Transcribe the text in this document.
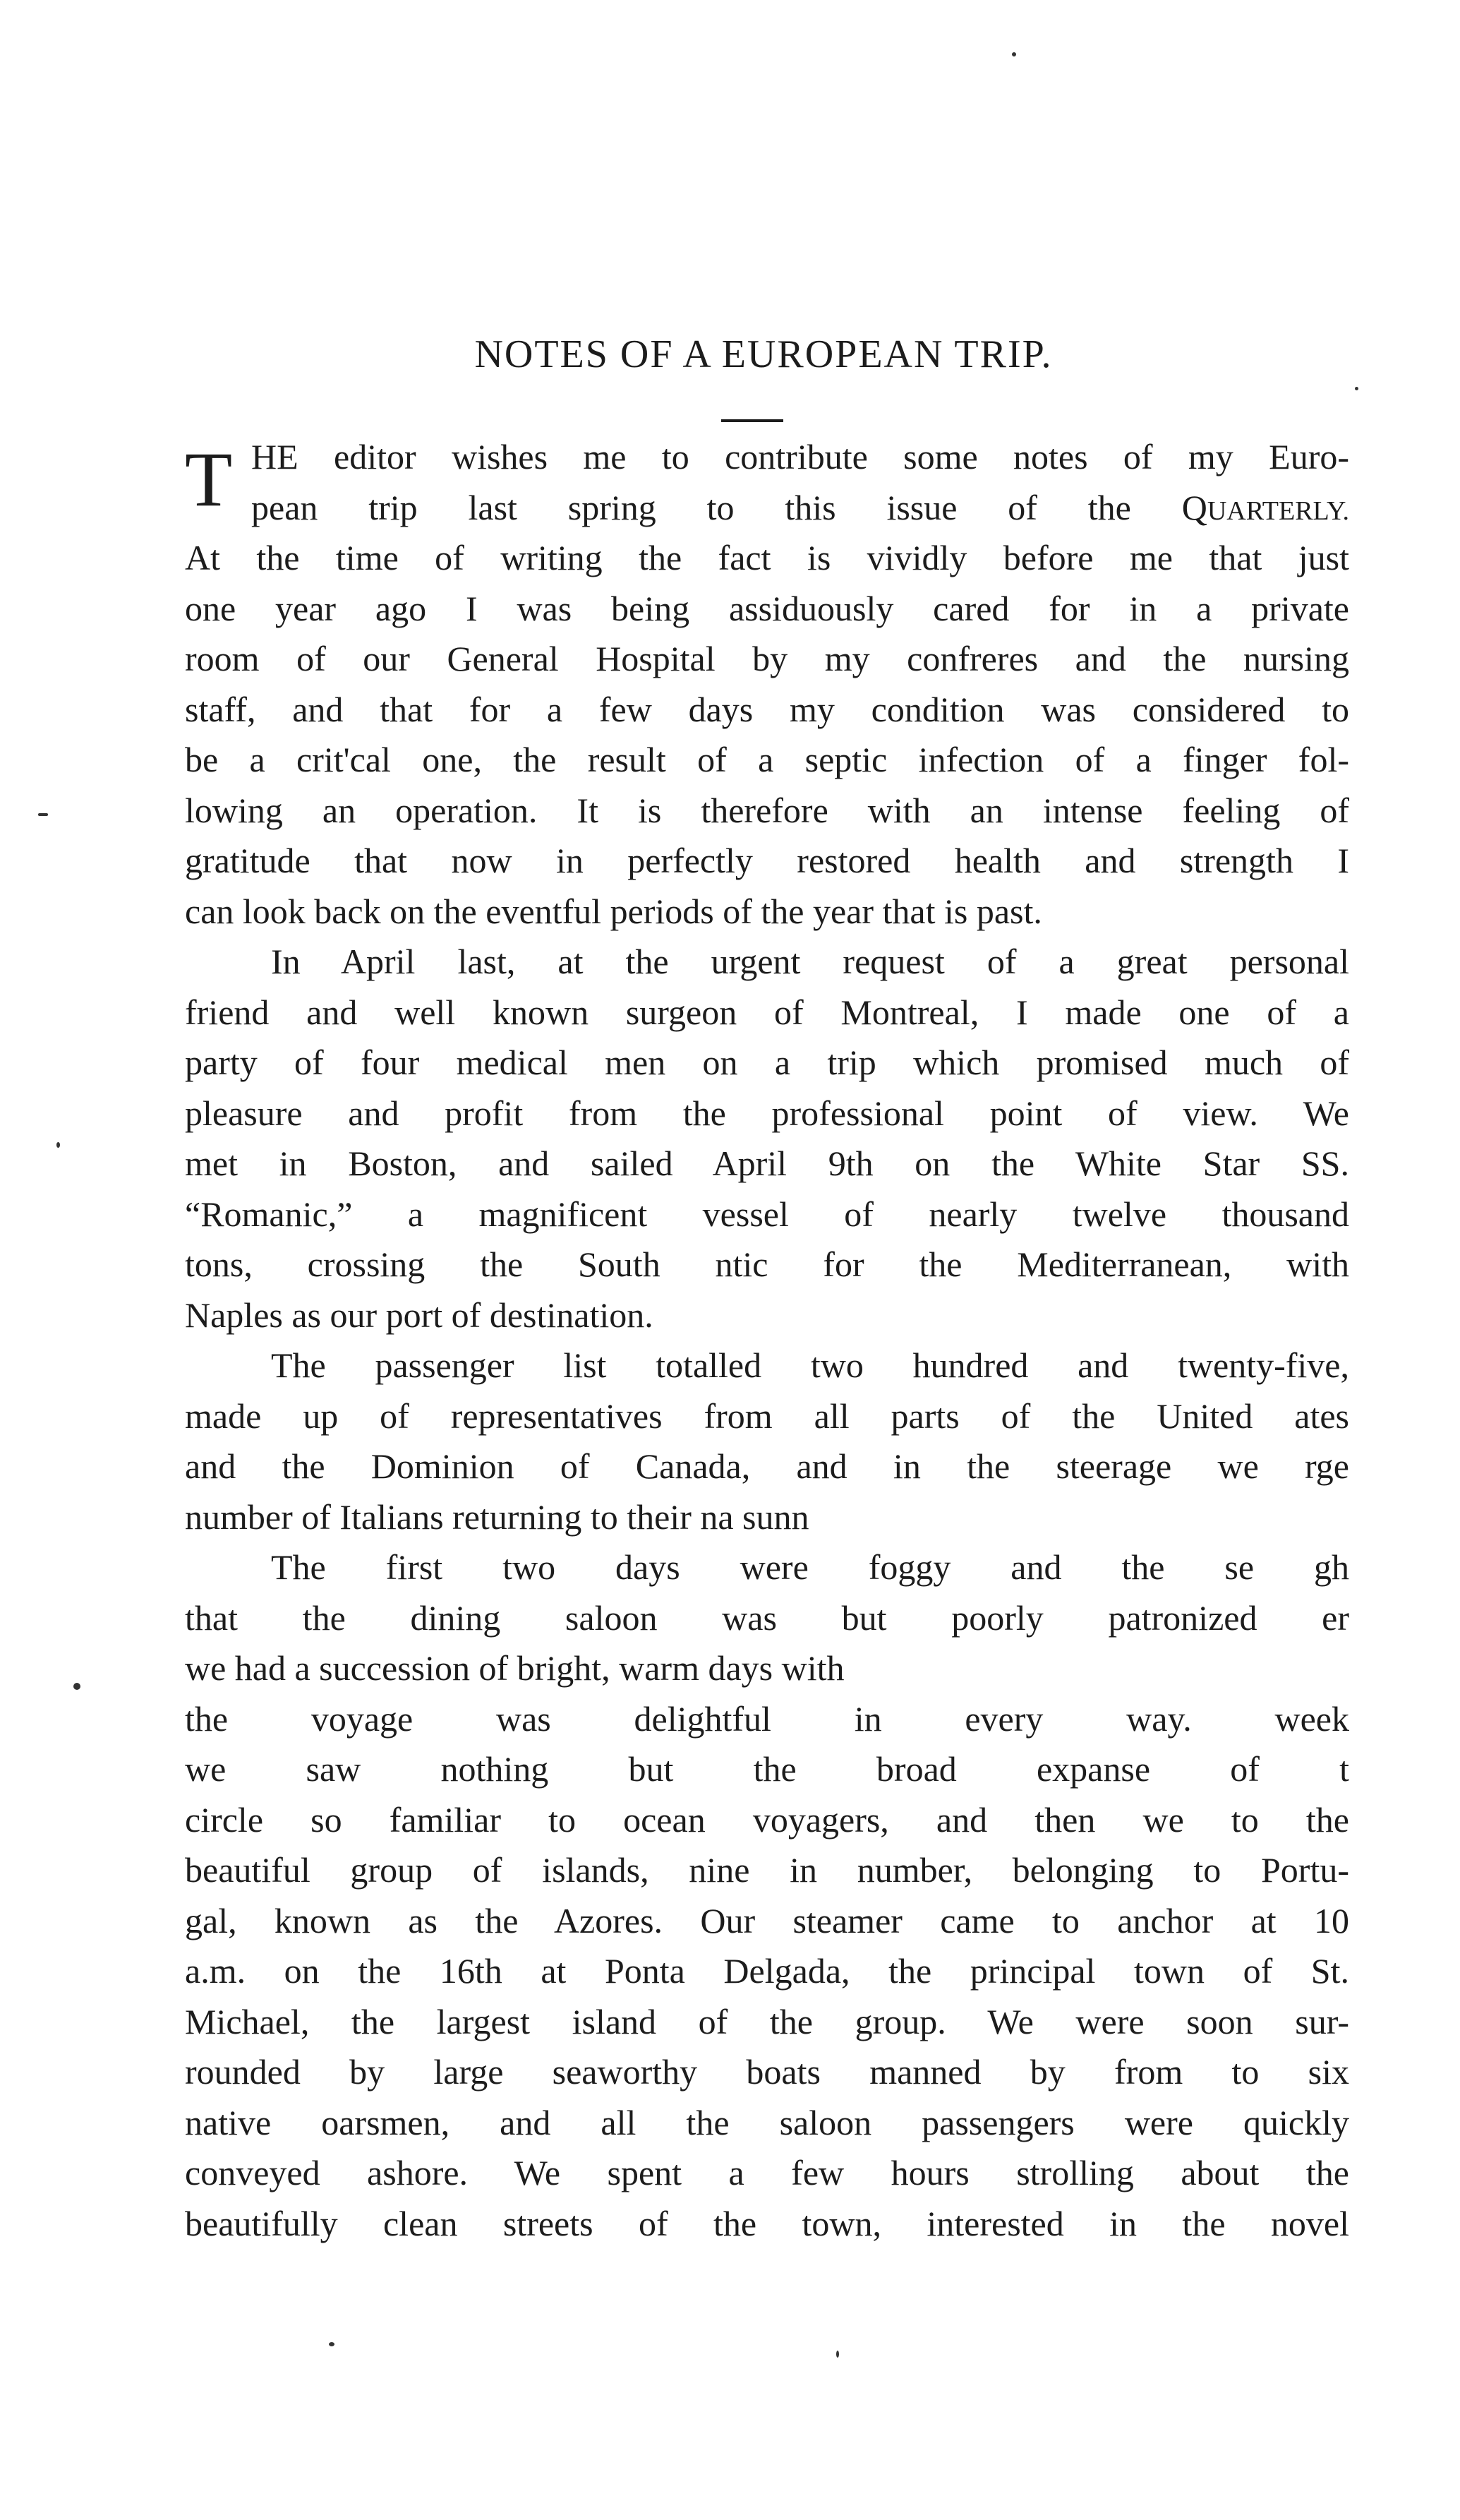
NOTES OF A EUROPEAN TRIP.
T HE editor wishes me to contribute some notes of my Euro-
pean trip last spring to this issue of the QUARTERLY.
At the time of writing the fact is vividly before me that just
one year ago I was being assiduously cared for in a private
room of our General Hospital by my confreres and the nursing
staff, and that for a few days my condition was considered to
be a crit'cal one, the result of a septic infection of a finger fol-
lowing an operation. It is therefore with an intense feeling of
gratitude that now in perfectly restored health and strength I
can look back on the eventful periods of the year that is past.
In April last, at the urgent request of a great personal
friend and well known surgeon of Montreal, I made one of a
party of four medical men on a trip which promised much of
pleasure and profit from the professional point of view. We
met in Boston, and sailed April 9th on the White Star SS.
“Romanic,” a magnificent vessel of nearly twelve thousand
tons, crossing the South ntic for the Mediterranean, with
Naples as our port of destination.
The passenger list totalled two hundred and twenty-five,
made up of representatives from all parts of the United ates
and the Dominion of Canada, and in the steerage we rge
number of Italians returning to their na sunn
The first two days were foggy and the se gh
that the dining saloon was but poorly patronized er
we had a succession of bright, warm days with
the voyage was delightful in every way. week
we saw nothing but the broad expanse of t
circle so familiar to ocean voyagers, and then we to the
beautiful group of islands, nine in number, belonging to Portu-
gal, known as the Azores. Our steamer came to anchor at 10
a.m. on the 16th at Ponta Delgada, the principal town of St.
Michael, the largest island of the group. We were soon sur-
rounded by large seaworthy boats manned by from to six
native oarsmen, and all the saloon passengers were quickly
conveyed ashore. We spent a few hours strolling about the
beautifully clean streets of the town, interested in the novel
